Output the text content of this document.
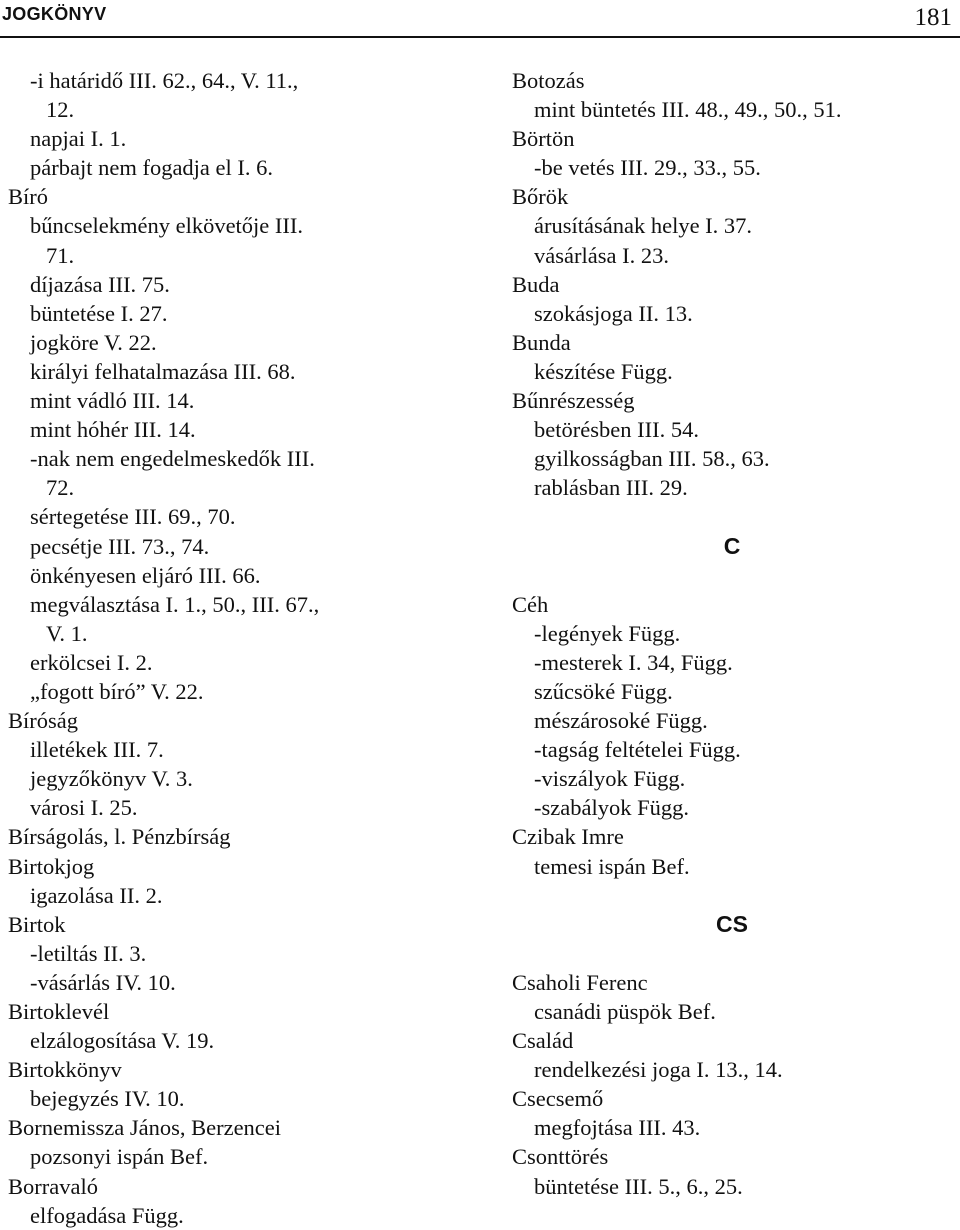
JOGKÖNYV	181
-i határidő III. 62., 64., V. 11.,
12.
napjai I. 1.
párbajt nem fogadja el I. 6.
Bíró
bűncselekmény elkövetője III.
71.
díjazása III. 75.
büntetése I. 27.
jogköre V. 22.
királyi felhatalmazása III. 68.
mint vádló III. 14.
mint hóhér III. 14.
-nak nem engedelmeskedők III.
72.
sértegetése III. 69., 70.
pecsétje III. 73., 74.
önkényesen eljáró III. 66.
megválasztása I. 1., 50., III. 67.,
V. 1.
erkölcsei I. 2.
„fogott bíró” V. 22.
Bíróság
illetékek III. 7.
jegyzőkönyv V. 3.
városi I. 25.
Bírságolás, l. Pénzbírság
Birtokjog
igazolása II. 2.
Birtok
-letiltás II. 3.
-vásárlás IV. 10.
Birtoklevél
elzálogosítása V. 19.
Birtokkönyv
bejegyzés IV. 10.
Bornemissza János, Berzencei
pozsonyi ispán Bef.
Borravaló
elfogadása Függ.
Botozás
mint büntetés III. 48., 49., 50., 51.
Börtön
-be vetés III. 29., 33., 55.
Bőrök
árusításának helye I. 37.
vásárlása I. 23.
Buda
szokásjoga II. 13.
Bunda
készítése Függ.
Bűnrészesség
betörésben III. 54.
gyilkosságban III. 58., 63.
rablásban III. 29.
C
Céh
-legények Függ.
-mesterek I. 34, Függ.
szűcsöké Függ.
mészárosoké Függ.
-tagság feltételei Függ.
-viszályok Függ.
-szabályok Függ.
Czibak Imre
temesi ispán Bef.
CS
Csaholi Ferenc
csanádi püspök Bef.
Család
rendelkezési joga I. 13., 14.
Csecsemő
megfojtása III. 43.
Csonttörés
büntetése III. 5., 6., 25.
